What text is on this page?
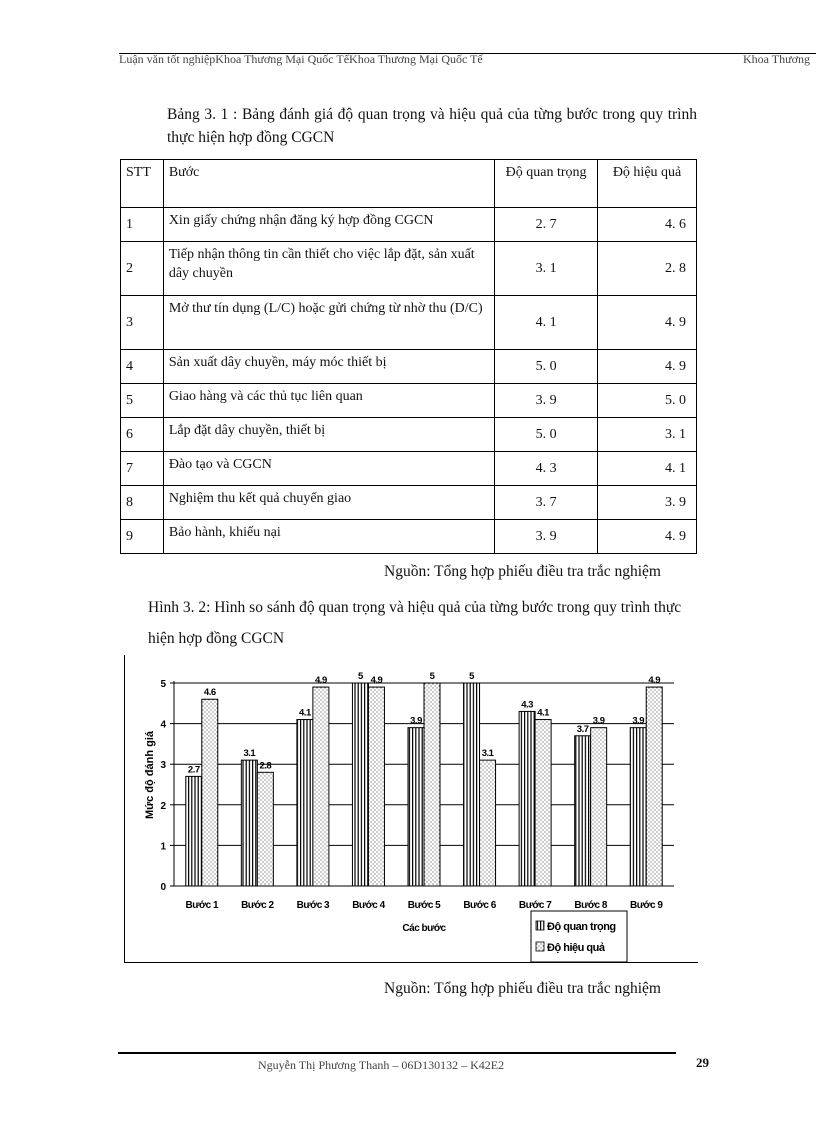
Luận văn tốt nghiệpKhoa Thương Mại Quốc TếKhoa Thương Mại Quốc Tế	Khoa Thương
Bảng 3. 1 : Bảng đánh giá độ quan trọng và hiệu quả của từng bước trong quy trình thực hiện hợp đồng CGCN
STT	Bước	Độ quan trọng	Độ hiệu quả
1	Xin giấy chứng nhận đăng ký hợp đồng CGCN	2. 7	4. 6
2	Tiếp nhận thông tin cần thiết cho việc lắp đặt, sản xuất dây chuyền	3. 1	2. 8
3	Mở thư tín dụng (L/C) hoặc gửi chứng từ nhờ thu (D/C)	4. 1	4. 9
4	Sản xuất dây chuyền, máy móc thiết bị	5. 0	4. 9
5	Giao hàng và các thủ tục liên quan	3. 9	5. 0
6	Lắp đặt dây chuyền, thiết bị	5. 0	3. 1
7	Đào tạo và CGCN	4. 3	4. 1
8	Nghiệm thu kết quả chuyển giao	3. 7	3. 9
9	Bảo hành, khiếu nại	3. 9	4. 9
Nguồn: Tổng hợp phiếu điều tra trắc nghiệm
Hình 3. 2: Hình so sánh độ quan trọng và hiệu quả của từng bước trong quy trình thực hiện hợp đồng CGCN
0
1
2
3
4
5
2.7
4.6
Bước 1
3.1
2.8
Bước 2
4.1
4.9
Bước 3
5 4.9
Bước 4
3.9
5
Bước 5
5
3.1
Bước 6
4.3
4.1
Bước 7
3.7
3.9
Bước 8
3.9
4.9
Bước 9
Mức độ đánh giá
Các bước	Độ quan trọng
Độ hiệu quả
Nguồn: Tổng hợp phiếu điều tra trắc nghiệm
Nguyễn Thị Phương Thanh – 06D130132 – K42E2	29
